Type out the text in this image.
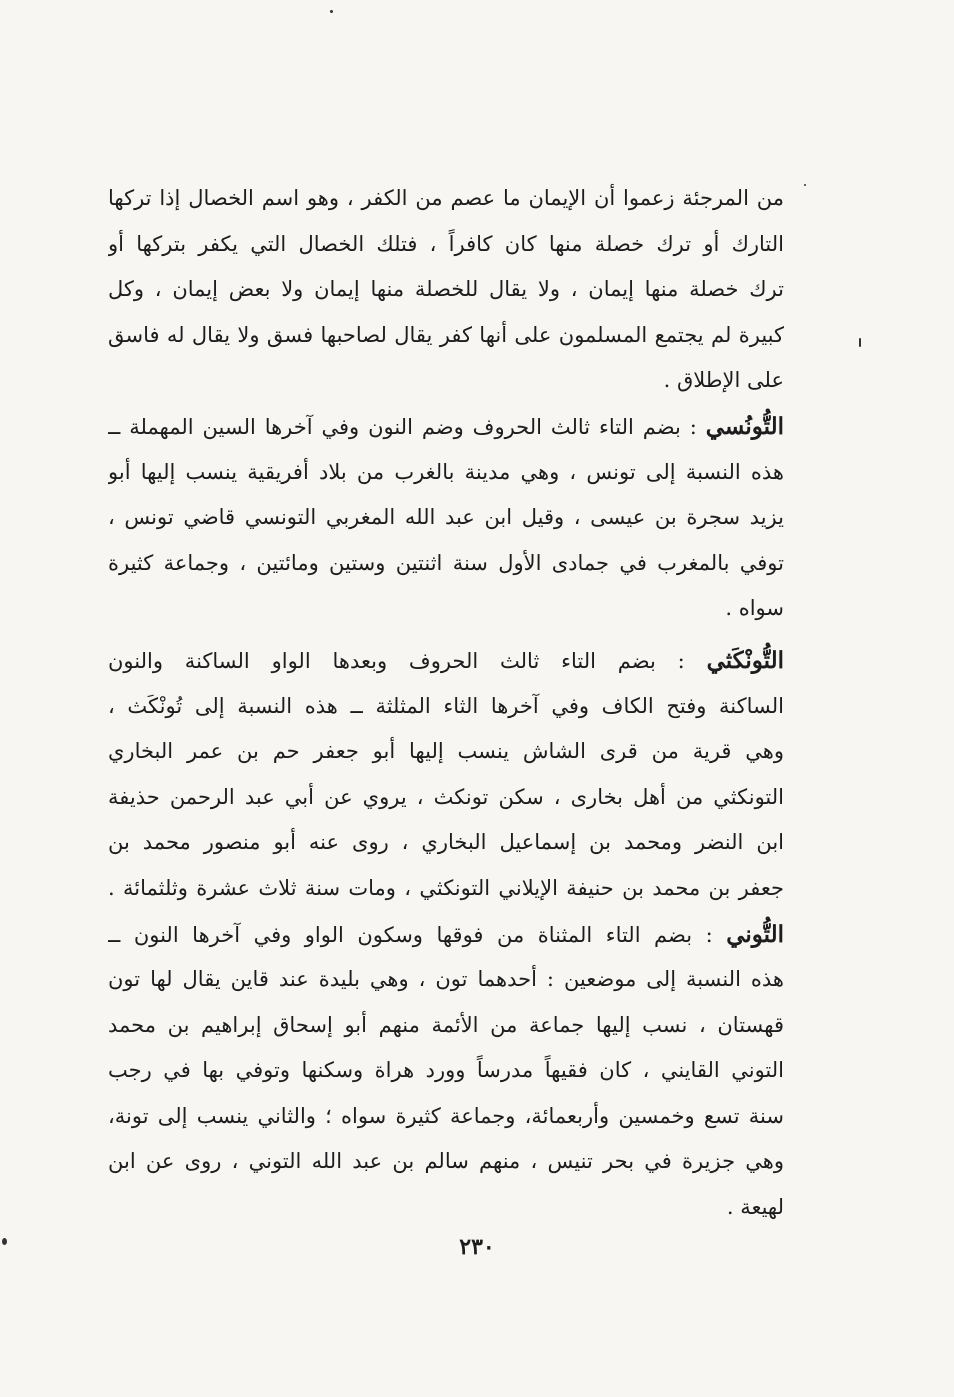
من المرجئة زعموا أن الإيمان ما عصم من الكفر ، وهو اسم الخصال إذا تركها
التارك أو ترك خصلة منها كان كافراً ، فتلك الخصال التي يكفر بتركها أو
ترك خصلة منها إيمان ، ولا يقال للخصلة منها إيمان ولا بعض إيمان ، وكل
كبيرة لم يجتمع المسلمون على أنها كفر يقال لصاحبها فسق ولا يقال له فاسق
على الإطلاق .
التُّونُسي : بضم التاء ثالث الحروف وضم النون وفي آخرها السين المهملة ــ
هذه النسبة إلى تونس ، وهي مدينة بالغرب من بلاد أفريقية ينسب إليها أبو
يزيد سجرة بن عيسى ، وقيل ابن عبد الله المغربي التونسي قاضي تونس ،
توفي بالمغرب في جمادى الأول سنة اثنتين وستين ومائتين ، وجماعة كثيرة
سواه .
التُّونْكَثي : بضم التاء ثالث الحروف وبعدها الواو الساكنة والنون
الساكنة وفتح الكاف وفي آخرها الثاء المثلثة ــ هذه النسبة إلى تُونْكَث ،
وهي قرية من قرى الشاش ينسب إليها أبو جعفر حم بن عمر البخاري
التونكثي من أهل بخارى ، سكن تونكث ، يروي عن أبي عبد الرحمن حذيفة
ابن النضر ومحمد بن إسماعيل البخاري ، روى عنه أبو منصور محمد بن
جعفر بن محمد بن حنيفة الإيلاني التونكثي ، ومات سنة ثلاث عشرة وثلثمائة .
التُّوني : بضم التاء المثناة من فوقها وسكون الواو وفي آخرها النون ــ
هذه النسبة إلى موضعين : أحدهما تون ، وهي بليدة عند قاين يقال لها تون
قهستان ، نسب إليها جماعة من الأئمة منهم أبو إسحاق إبراهيم بن محمد
التوني القايني ، كان فقيهاً مدرساً وورد هراة وسكنها وتوفي بها في رجب
سنة تسع وخمسين وأربعمائة، وجماعة كثيرة سواه ؛ والثاني ينسب إلى تونة،
وهي جزيرة في بحر تنيس ، منهم سالم بن عبد الله التوني ، روى عن ابن
لهيعة .
٢٣٠
